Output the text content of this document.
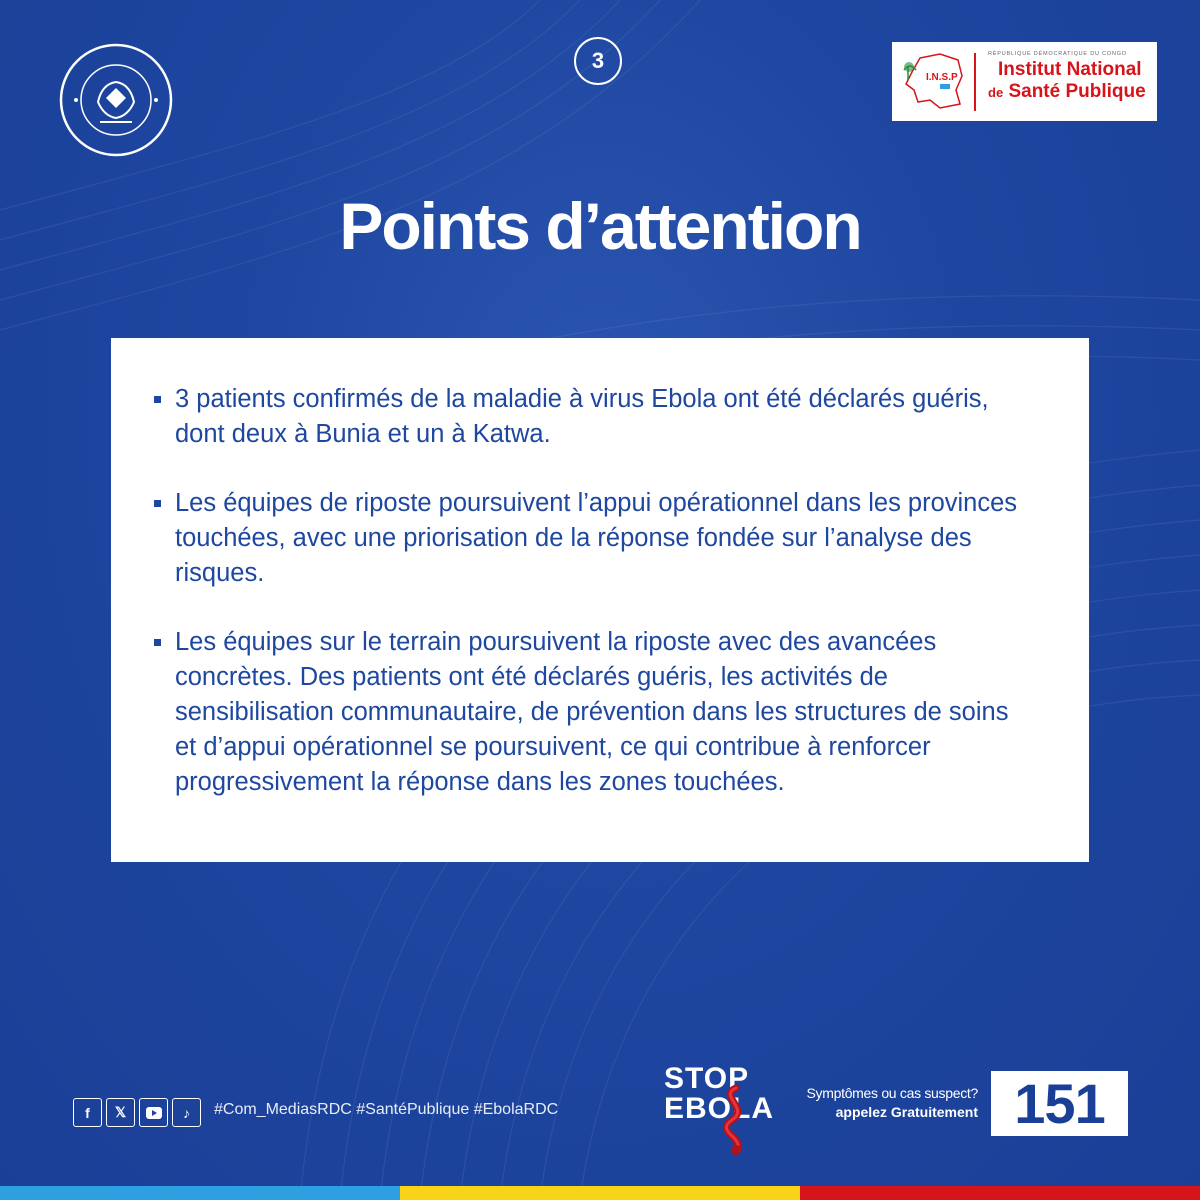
3
I.N.S.P
RÉPUBLIQUE DÉMOCRATIQUE DU CONGO
Institut National
de Santé Publique
Points d’attention
3 patients confirmés de la maladie à virus Ebola ont été déclarés guéris, dont deux à Bunia et un à Katwa.
Les équipes de riposte poursuivent l’appui opérationnel dans les provinces touchées, avec une priorisation de la réponse fondée sur l’analyse des risques.
Les équipes sur le terrain poursuivent la riposte avec des avancées concrètes. Des patients ont été déclarés guéris, les activités de sensibilisation communautaire, de prévention dans les structures de soins et d’appui opérationnel se poursuivent, ce qui contribue à renforcer progressivement la réponse dans les zones touchées.
f	𝕏	♪	#Com_MediasRDC #SantéPublique #EbolaRDC
STOP
EBOLA	Symptômes ou cas suspect?
appelez Gratuitement 151
